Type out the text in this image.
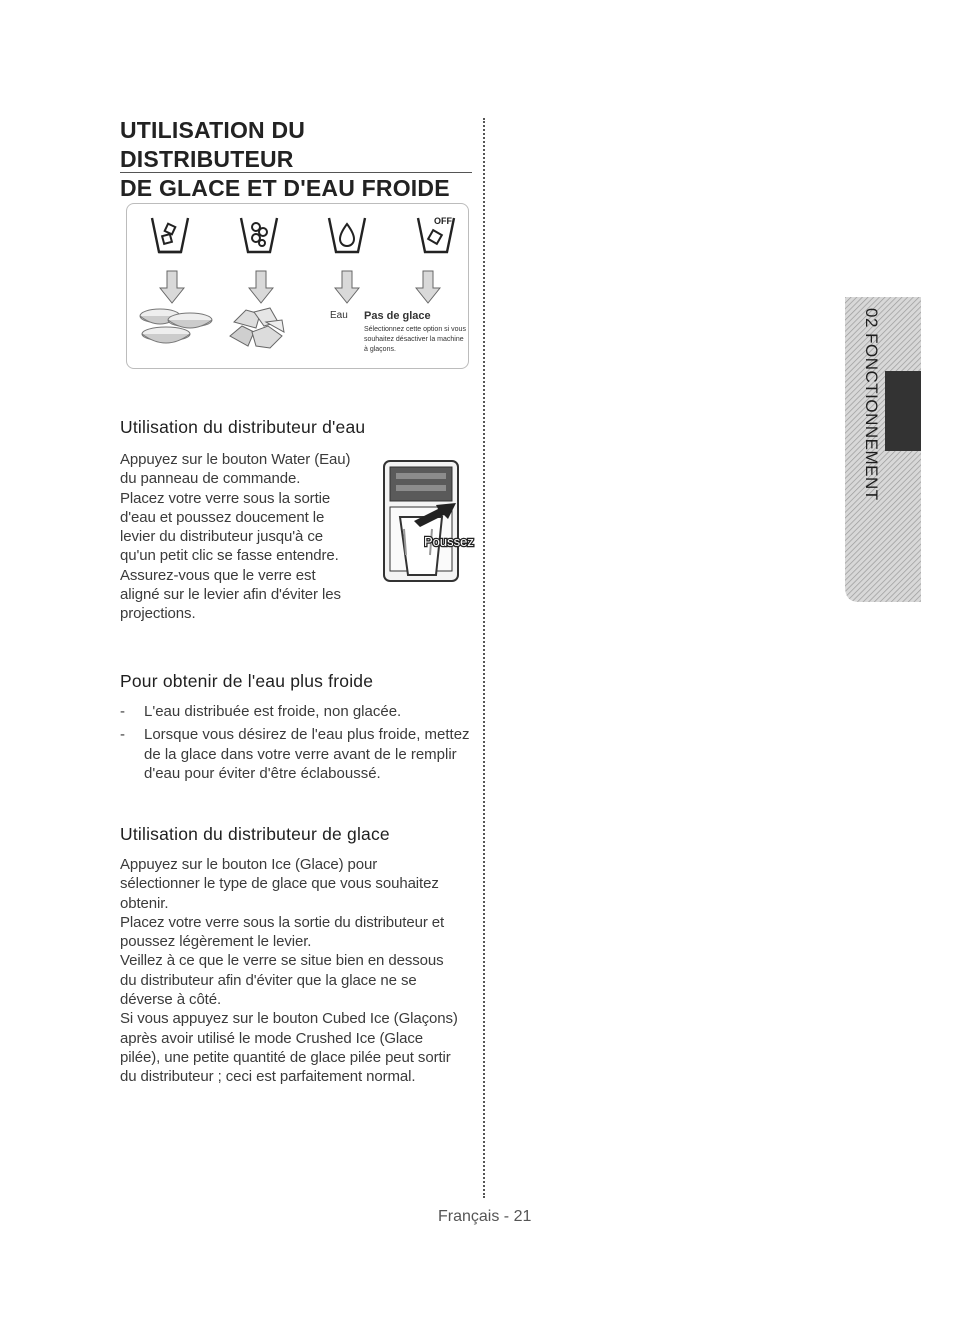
UTILISATION DU DISTRIBUTEUR
DE GLACE ET D'EAU FROIDE
OFF
Eau Pas de glace
Sélectionnez cette option si vous souhaitez désactiver la machine à glaçons.
Utilisation du distributeur d'eau

Appuyez sur le bouton Water (Eau)

du panneau de commande.

Placez votre verre sous la sortie

d'eau et poussez doucement le

levier du distributeur jusqu'à ce

qu'un petit clic se fasse entendre.

Assurez-vous que le verre est

aligné sur le levier afin d'éviter les

projections.

Poussez
Pour obtenir de l'eau plus froide
- L'eau distribuée est froide, non glacée.
- Lorsque vous désirez de l'eau plus froide, mettez de la glace dans votre verre avant de le remplir d'eau pour éviter d'être éclaboussé.
Utilisation du distributeur de glace

Appuyez sur le bouton Ice (Glace) pour

sélectionner le type de glace que vous souhaitez

obtenir.

Placez votre verre sous la sortie du distributeur et

poussez légèrement le levier.

Veillez à ce que le verre se situe bien en dessous

du distributeur afin d'éviter que la glace ne se

déverse à côté.

Si vous appuyez sur le bouton Cubed Ice (Glaçons)

après avoir utilisé le mode Crushed Ice (Glace

pilée), une petite quantité de glace pilée peut sortir

du distributeur ; ceci est parfaitement normal.

02 FONCTIONNEMENT
Français - 21
